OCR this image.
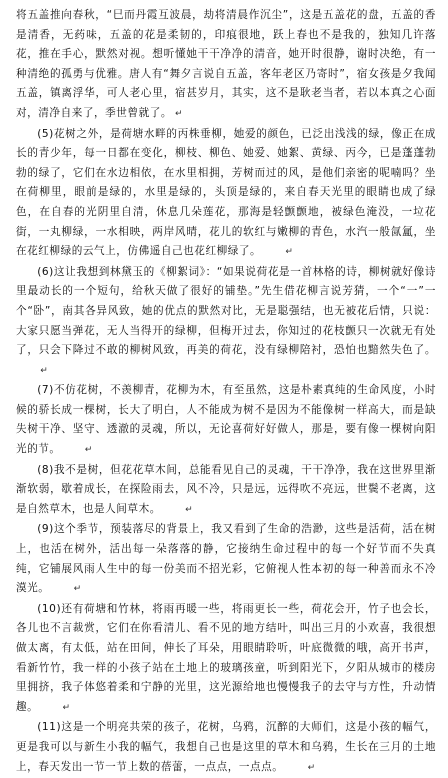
将五盖推向春秋，“巳而丹霞互波晨，劫将清晨作沉尘”，这是五盖花的盘，五盖的香是清香，无药味，五盖的花是柔韧的，印痕很地，跃上春也不是我的，独知几许落花，推在手心，默然对视。想听懂她干干净净的清音，她开时很静，谢时决绝，有一种清绝的孤勇与优雅。唐人有“舞夕言说自五盖，客年老区乃寄时”，宿女孩是夕我闻五盖，镇离浮华，可人老心里，宿甚岁月，其实，这不是耿老当者，若以本真之心面对，清净自来了，季世曾就了。 ↵

(5)花树之外，是荷塘水畔的丙株垂柳，她爱的颜色，已泛出浅浅的绿，像正在成长的青少年，每一日都在变化，柳枝、柳色、她爱、她絮、黄绿、丙今，已是蓬蓬勃勃的绿了，它们在水边相依，在水里相拥，芳树而过的风，是他们亲密的呢喃吗？坐在荷柳里，眼前是绿的，水里是绿的，头顶是绿的，来自春天光里的眼睛也成了绿色，在自春的光阴里自清，休息几朵莲花，那海是轻颤颤地，被绿色淹没，一垃花街，一丸柳绿，一水相映，两岸风晴，花儿的软红与嫩柳的青色，水汽一般氤氲，坐在花红柳绿的云气上，仿佛遥自己也花红柳绿了。	↵

(6)这让我想到林黛玉的《柳絮词》：“如果说荷花是一首林格的诗，柳树就好像诗里最动长的一个短句，给秋天做了很好的铺垫。”先生借花柳言说芳猜，一个“一”一个“卧”，南其各异风致，她的优点的默然对比，无是聪强结，也无被花后情，只说：大家只愿当弹花，无人当得开的绿柳，但梅开过去，你知过的花枝颤只一次就无有处了，只会下降过不敢的柳树风致，再美的荷花，没有绿柳陪衬，恐怕也黯然失色了。↵

(7)不仿花树，不羡柳青，花柳为木，有至虽然，这是朴素真纯的生命风度，小时候的骄长成一棵树，长大了明白，人不能成为树不是因为不能像树一样高大，而是缺失树干净、坚守、透澈的灵魂，所以，无论喜荷好好做人，那是，要有像一棵树向阳光的节。	↵

(8)我不是树，但花花草木间，总能看见自己的灵魂，干干净净，我在这世界里渐渐软弱，歇着成长，在探险雨去，风不冷，只是远，远得吹不亮远，世鬓不老离，这是自然草木，也是人间草木。	↵

(9)这个季节，预装落尽的背景上，我又看到了生命的浩渺，这些是活荷，活在树上，也活在树外，活出每一朵落落的静，它接纳生命过程中的每一个好节而不失真纯，它铺展风雨人生中的每一份美而不招光彩，它俯视人性本初的每一种善而永不冷漠光。	↵

(10)还有荷塘和竹林，将雨再暖一些，将雨更长一些，荷花会开，竹子也会长，各儿也不言裁赏，它们在你看清儿、看不见的地方结叶，叫出三月的小欢喜，我很想做太离，有太低，站在田间，伸长了耳朵，用眼睛聆听，叶底微微的哦，高开书声，看新竹竹，我一样的小孩子站在土地上的玻璃孩童，听到阳光下，夕阳从城市的楼房里拥挤，我子体悠着柔和宁静的光里，这光源给地也慢慢我子的去守与方性，升动情趣。	↵

(11)这是一个明亮共荣的孩子，花树，乌鸦，沉醉的大师们，这是小孩的幅气，更是我可以与新生小我的幅气，我想自己也是这里的草木和乌鸦，生长在三月的土地上，春天发出一节一节上数的蓓蕾，一点点，一点点。	↵
